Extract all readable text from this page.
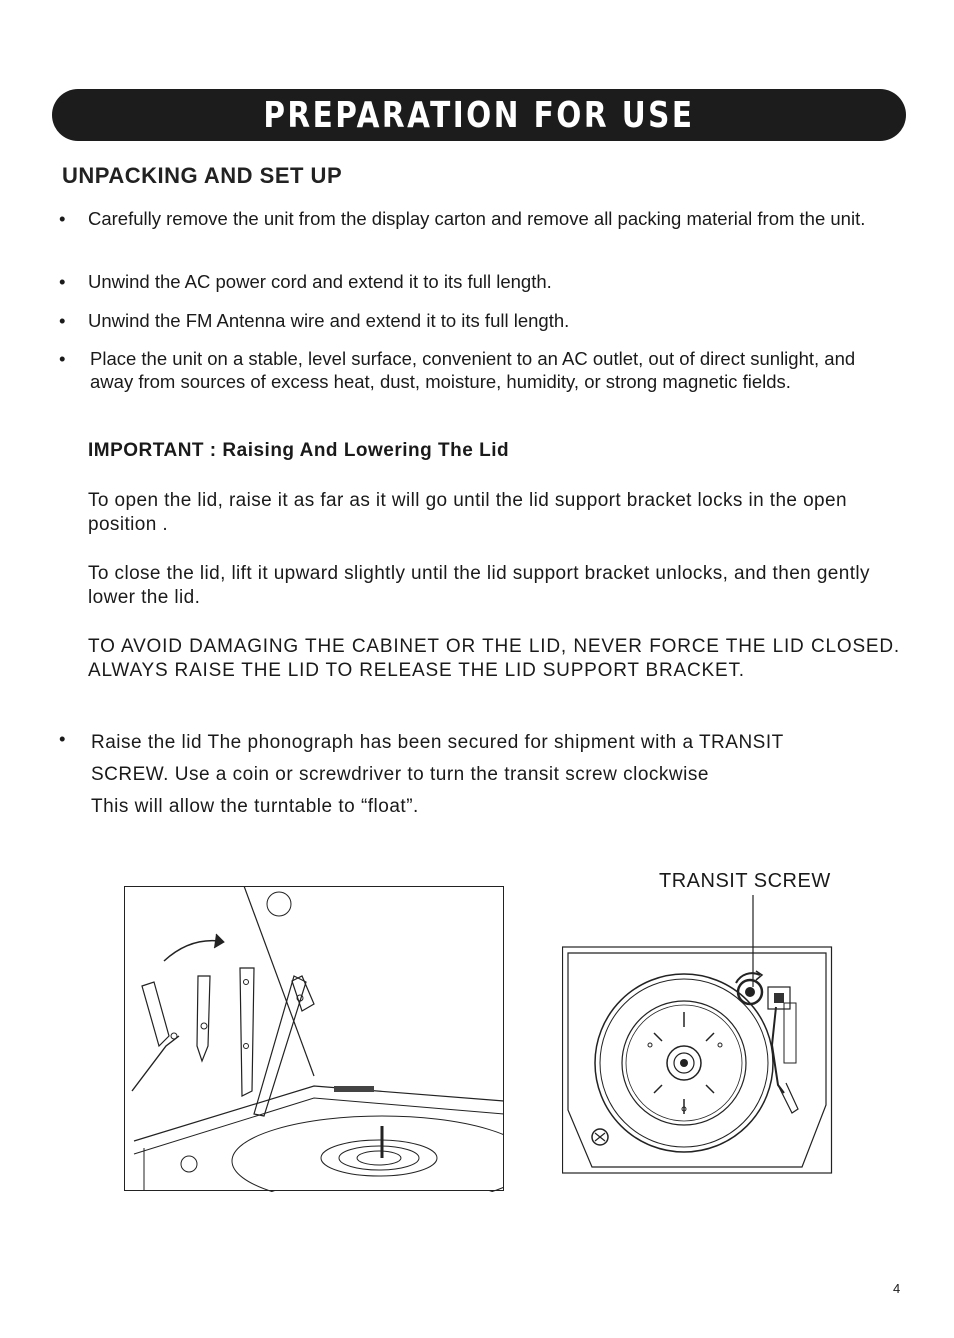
PREPARATION FOR USE
UNPACKING AND SET UP
• Carefully remove the unit from the display carton and remove all packing material from the unit.
• Unwind the AC power cord and extend it to its full length.
• Unwind the FM Antenna wire and extend it to its full length.
• Place the unit on a stable, level surface, convenient to an AC outlet, out of direct sunlight, and away from sources of excess heat, dust, moisture, humidity, or strong magnetic fields.
IMPORTANT : Raising And Lowering The Lid
To open the lid, raise it as far as it will go until the lid support bracket locks in the open position .
To close the lid, lift it upward slightly until the lid support bracket unlocks, and then gently lower the lid.
TO AVOID DAMAGING THE CABINET OR THE LID, NEVER FORCE THE LID CLOSED. ALWAYS RAISE THE LID TO RELEASE THE LID SUPPORT BRACKET.
• Raise the lid The phonograph has been secured for shipment with a TRANSIT
SCREW. Use a coin or screwdriver to turn the transit screw clockwise
This will allow the turntable to “float”.
TRANSIT SCREW
4
